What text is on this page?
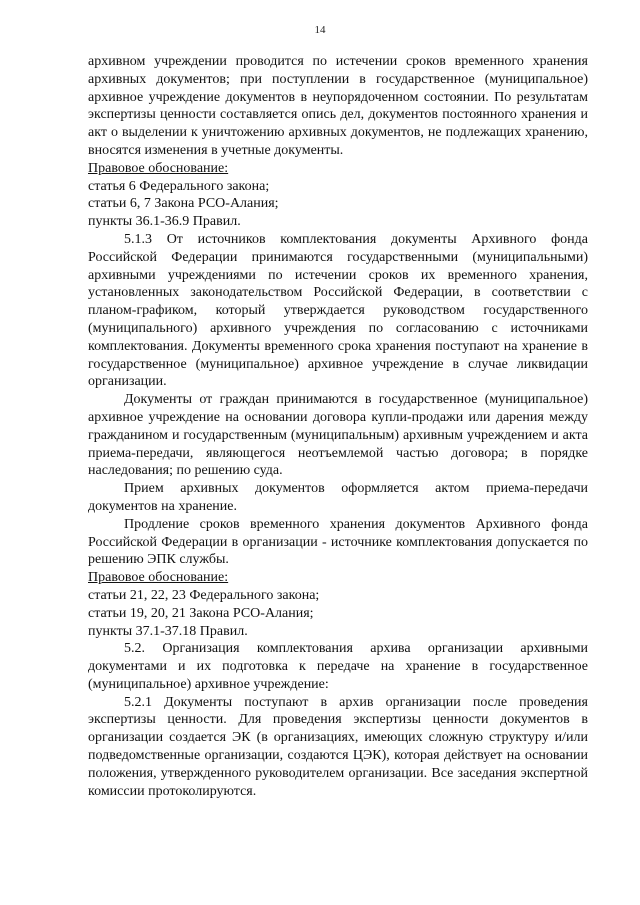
14

архивном учреждении проводится по истечении сроков временного хранения архивных документов; при поступлении в государственное (муниципальное) архивное учреждение документов в неупорядоченном состоянии. По результатам экспертизы ценности составляется опись дел, документов постоянного хранения и акт о выделении к уничтожению архивных документов, не подлежащих хранению, вносятся изменения в учетные документы.

Правовое обоснование:

статья 6 Федерального закона;

статьи 6, 7 Закона РСО-Алания;

пункты 36.1-36.9 Правил.

5.1.3 От источников комплектования документы Архивного фонда Российской Федерации принимаются государственными (муниципальными) архивными учреждениями по истечении сроков их временного хранения, установленных законодательством Российской Федерации, в соответствии с планом-графиком, который утверждается руководством государственного (муниципального) архивного учреждения по согласованию с источниками комплектования. Документы временного срока хранения поступают на хранение в государственное (муниципальное) архивное учреждение в случае ликвидации организации.

Документы от граждан принимаются в государственное (муниципальное) архивное учреждение на основании договора купли-продажи или дарения между гражданином и государственным (муниципальным) архивным учреждением и акта приема-передачи, являющегося неотъемлемой частью договора; в порядке наследования; по решению суда.

Прием архивных документов оформляется актом приема-передачи документов на хранение.

Продление сроков временного хранения документов Архивного фонда Российской Федерации в организации - источнике комплектования допускается по решению ЭПК службы.

Правовое обоснование:

статьи 21, 22, 23 Федерального закона;

статьи 19, 20, 21 Закона РСО-Алания;

пункты 37.1-37.18 Правил.

5.2. Организация комплектования архива организации архивными документами и их подготовка к передаче на хранение в государственное (муниципальное) архивное учреждение:

5.2.1 Документы поступают в архив организации после проведения экспертизы ценности. Для проведения экспертизы ценности документов в организации создается ЭК (в организациях, имеющих сложную структуру и/или подведомственные организации, создаются ЦЭК), которая действует на основании положения, утвержденного руководителем организации. Все заседания экспертной комиссии протоколируются.
